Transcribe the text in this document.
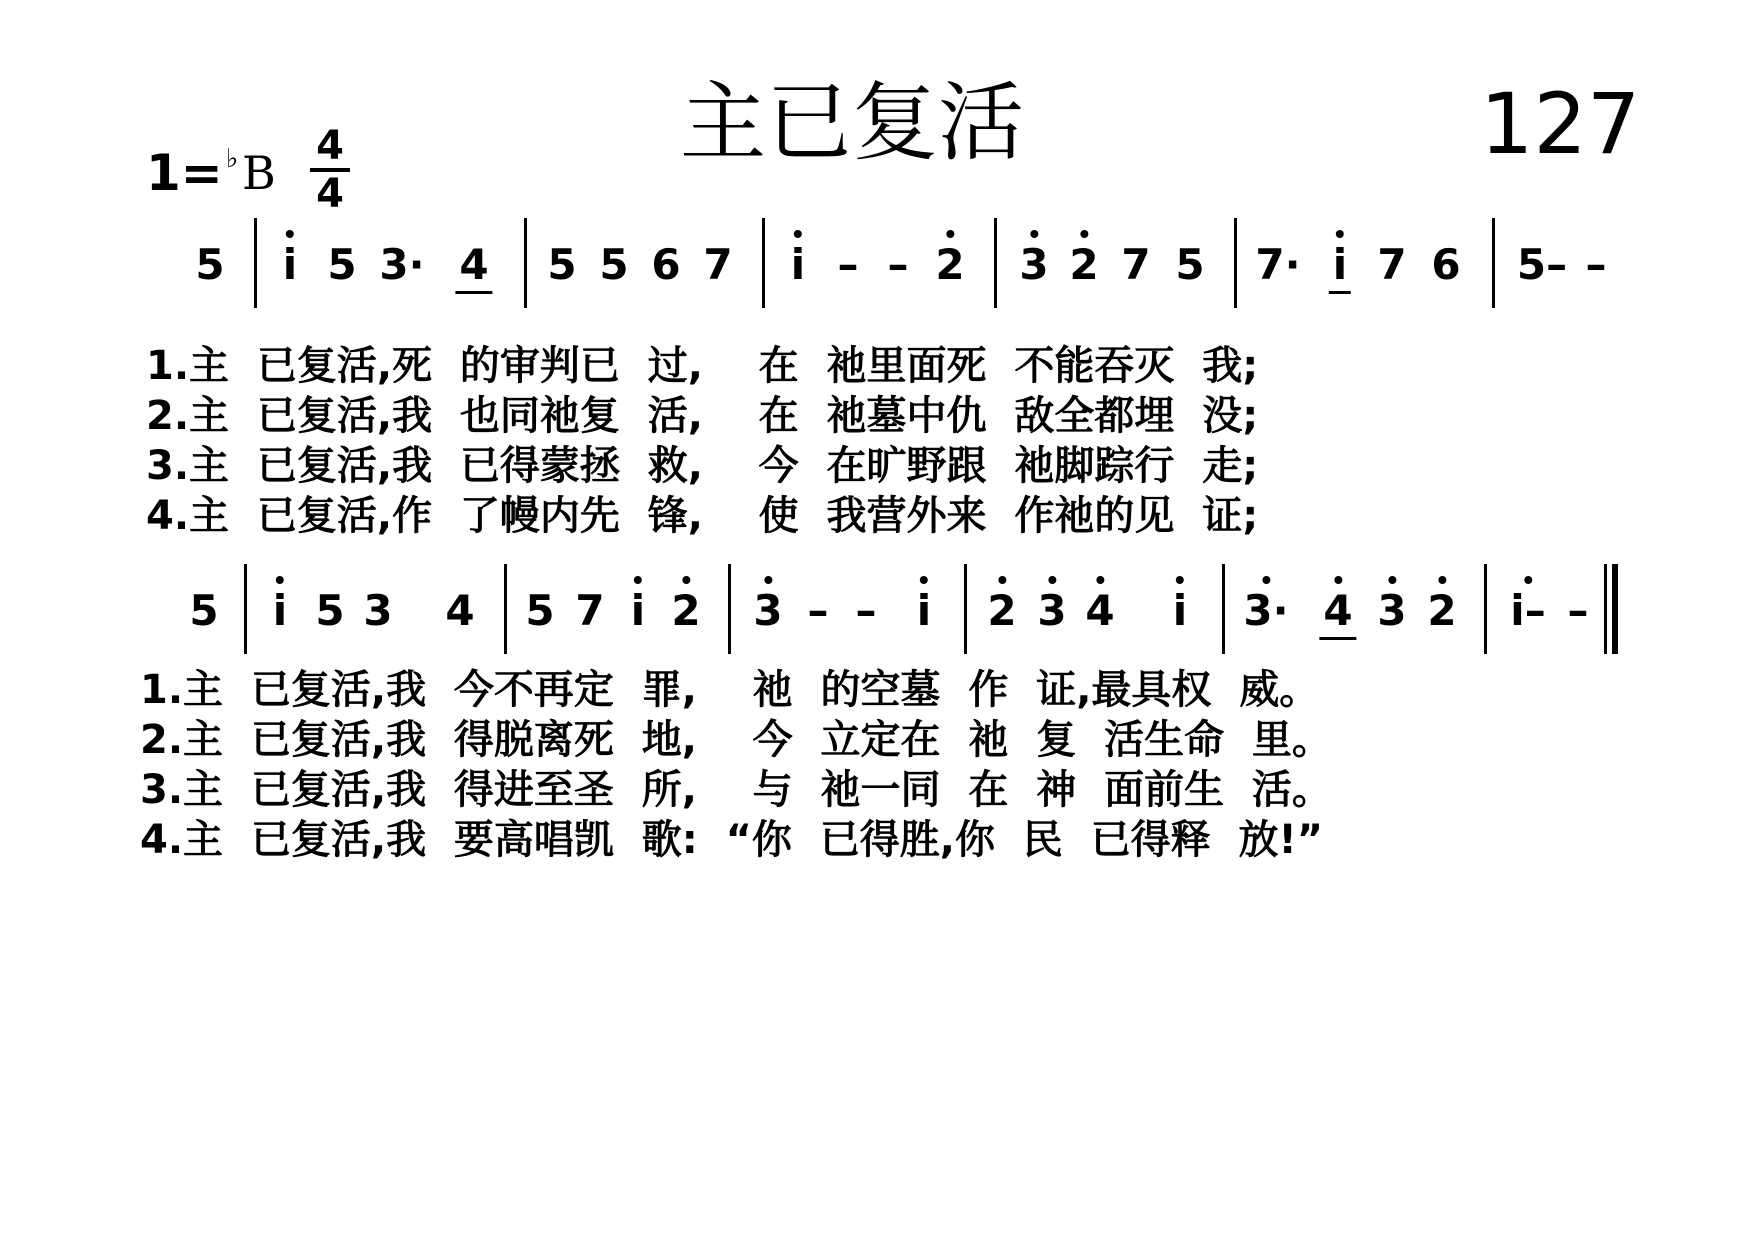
主已复活	127
1= ♭ B 4
4
5 i 5 3· 4 5 5 6 7 i – – 2 3 2 7 5 7· i 7 6 5– –
1.主  已复活,死  的审判已  过,    在  祂里面死  不能吞灭  我;
2.主  已复活,我  也同祂复  活,    在  祂墓中仇  敌全都埋  没;
3.主  已复活,我  已得蒙拯  救,    今  在旷野跟  祂脚踪行  走;
4.主  已复活,作  了幔内先  锋,    使  我营外来  作祂的见  证;
5 i 5 3 4 5 7 i 2 3 – – i 2 3 4 i 3· 4 3 2 i– –
1.主  已复活,我  今不再定  罪,    祂  的空墓  作  证,最具权  威。
2.主  已复活,我  得脱离死  地,    今  立定在  祂  复  活生命  里。
3.主  已复活,我  得进至圣  所,    与  祂一同  在  神  面前生  活。
4.主  已复活,我  要高唱凯  歌:  “你  已得胜,你  民  已得释  放!”
